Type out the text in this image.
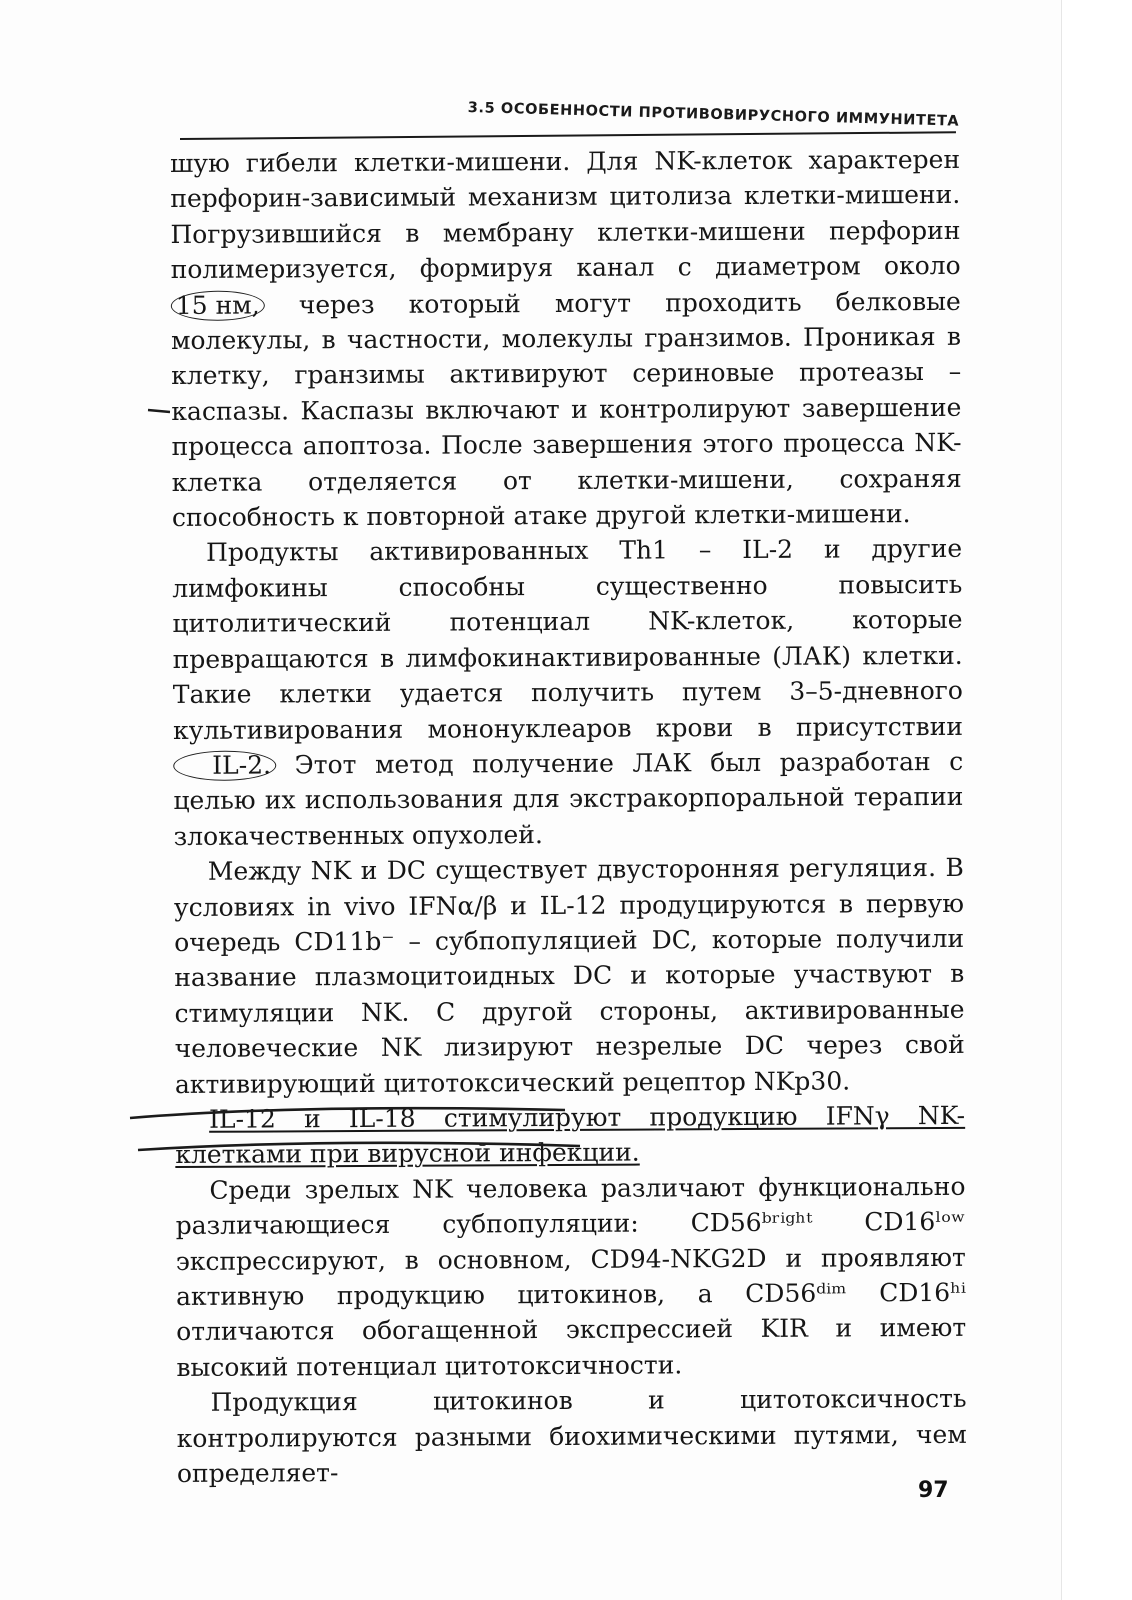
3.5 ОСОБЕННОСТИ ПРОТИВОВИРУСНОГО ИММУНИТЕТА

шую гибели клетки-мишени. Для NK-клеток характерен перфорин-зависимый механизм цитолиза клетки-мишени. Погрузившийся в мембрану клетки-мишени перфорин полимеризуется, формируя канал с диаметром около 15 нм, через который могут проходить белковые молекулы, в частности, молекулы гранзимов. Проникая в клетку, гранзимы активируют сериновые протеазы – каспазы. Каспазы включают и контролируют завершение процесса апоптоза. После завершения этого процесса NK-клетка отделяется от клетки-мишени, сохраняя способность к повторной атаке другой клетки-мишени.

Продукты активированных Th1 – IL-2 и другие лимфокины способны существенно повысить цитолитический потенциал NK-клеток, которые превращаются в лимфокинактивированные (ЛАК) клетки. Такие клетки удается получить путем 3–5-дневного культивирования мононуклеаров крови в присутствии IL-2. Этот метод получение ЛАК был разработан с целью их использования для экстракорпоральной терапии злокачественных опухолей.

Между NK и DC существует двусторонняя регуляция. В условиях in vivo IFNα/β и IL-12 продуцируются в первую очередь CD11b⁻ – субпопуляцией DC, которые получили название плазмоцитоидных DC и которые участвуют в стимуляции NK. С другой стороны, активированные человеческие NK лизируют незрелые DC через свой активирующий цитотоксический рецептор NKp30.

IL-12 и IL-18 стимулируют продукцию IFNγ NK-клетками при вирусной инфекции.

Среди зрелых NK человека различают функционально различающиеся субпопуляции: CD56ᵇʳⁱᵍʰᵗ CD16ˡᵒʷ экспрессируют, в основном, CD94-NKG2D и проявляют активную продукцию цитокинов, а CD56ᵈⁱᵐ CD16ʰⁱ отличаются обогащенной экспрессией KIR и имеют высокий потенциал цитотоксичности.

Продукция цитокинов и цитотоксичность контролируются разными биохимическими путями, чем определяет-

97
